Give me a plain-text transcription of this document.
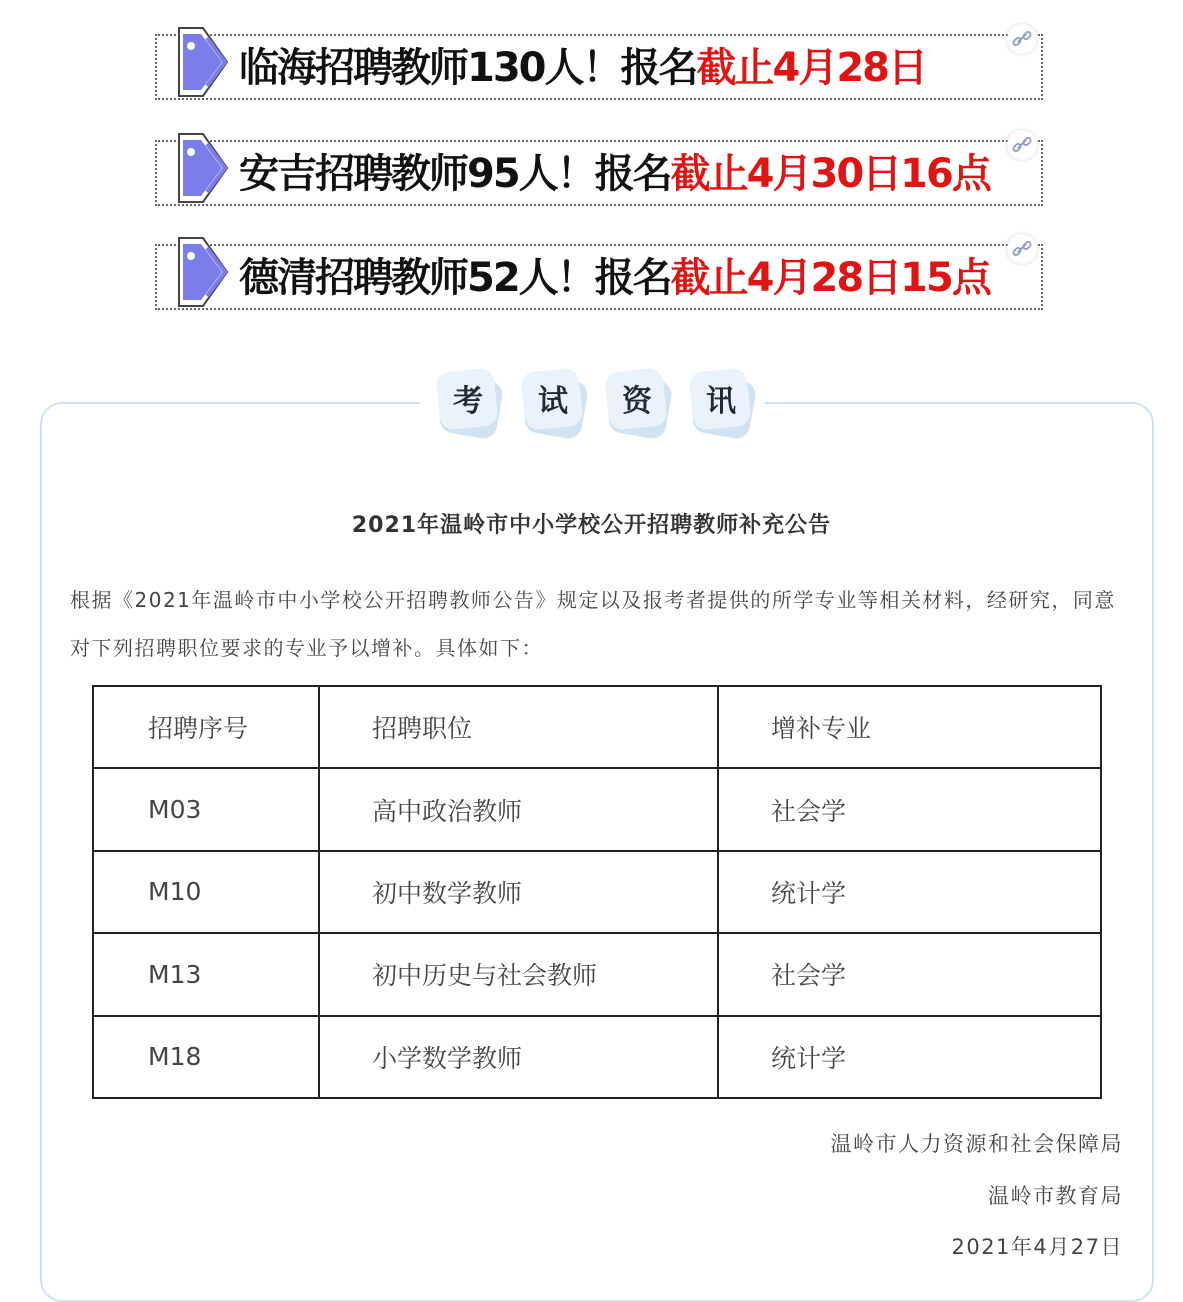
临海招聘教师130人！报名截止4月28日
安吉招聘教师95人！报名截止4月30日16点
德清招聘教师52人！报名截止4月28日15点
考	试	资	讯
2021年温岭市中小学校公开招聘教师补充公告
根据《2021年温岭市中小学校公开招聘教师公告》规定以及报考者提供的所学专业等相关材料，经研究，同意对下列招聘职位要求的专业予以增补。具体如下：
招聘序号	招聘职位	增补专业
M03	高中政治教师	社会学
M10	初中数学教师	统计学
M13	初中历史与社会教师	社会学
M18	小学数学教师	统计学
温岭市人力资源和社会保障局
温岭市教育局
2021年4月27日
